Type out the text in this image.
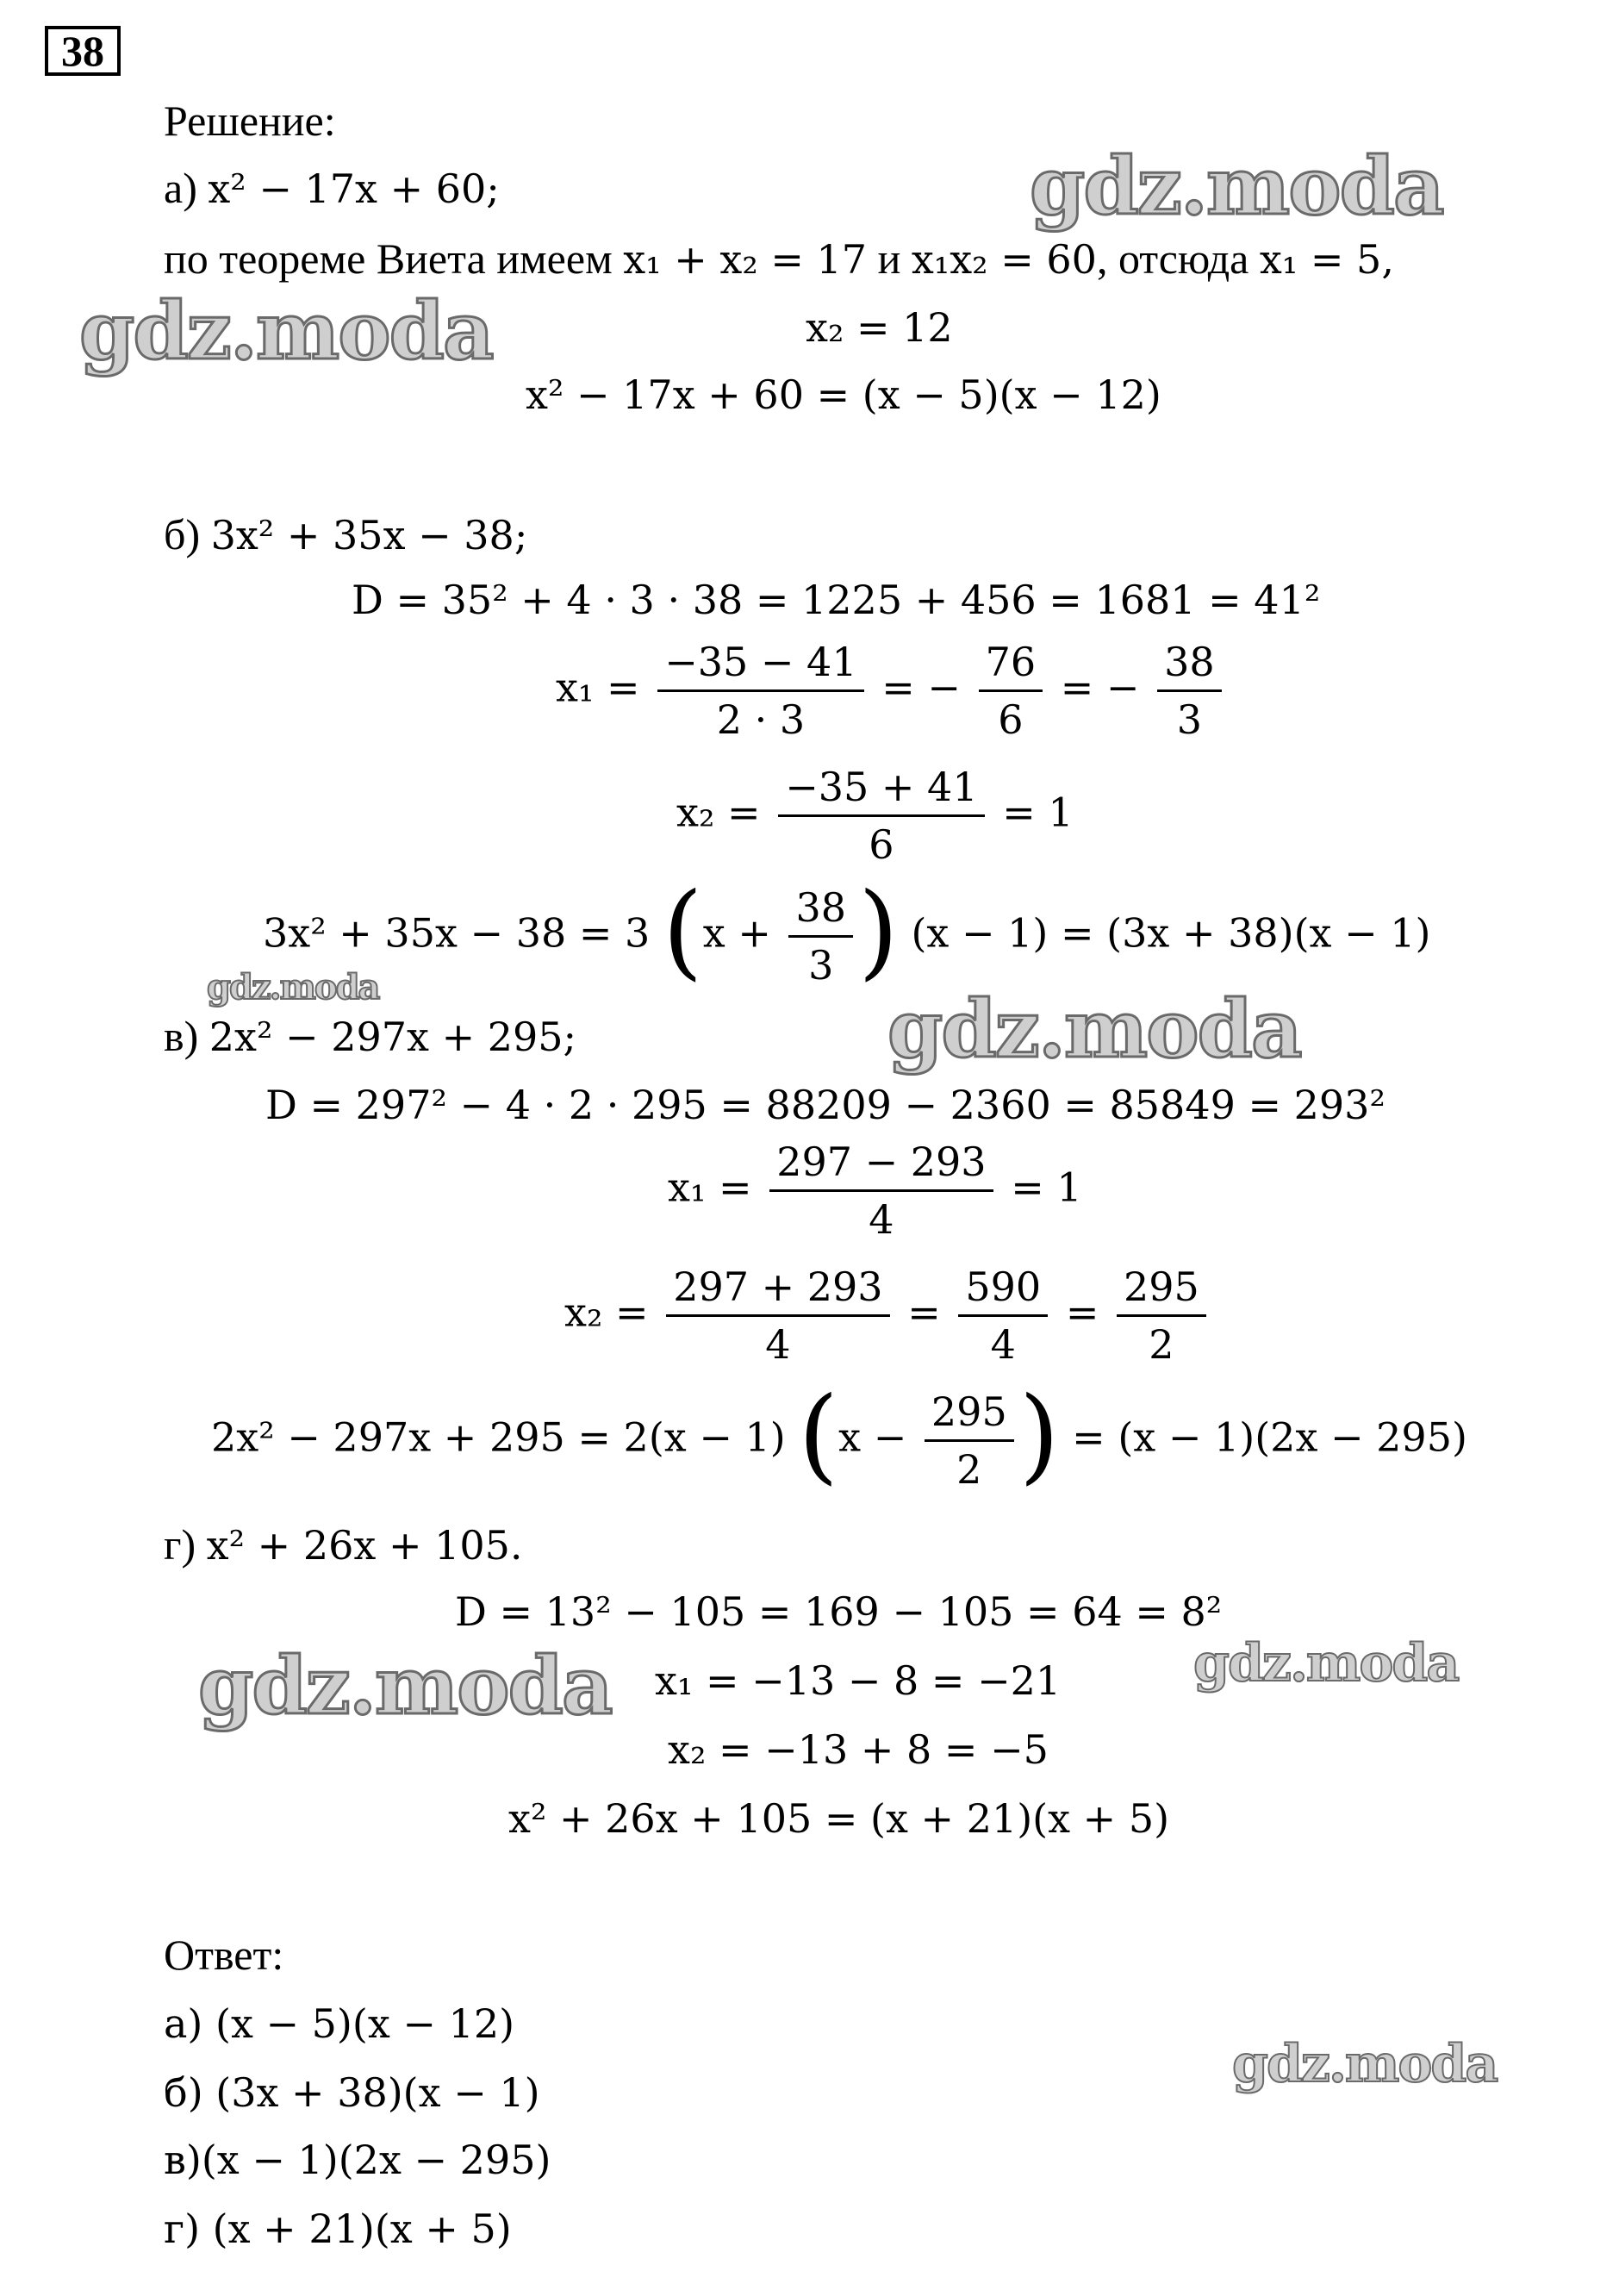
38
Решение:
а) x² − 17x + 60;
по теореме Виета имеем x₁ + x₂ = 17 и x₁x₂ = 60, отсюда x₁ = 5,
x₂ = 12
x² − 17x + 60 = (x − 5)(x − 12)
б) 3x² + 35x − 38;
D = 35² + 4 · 3 · 38 = 1225 + 456 = 1681 = 41²
$x_1 = \frac{-35 - 41}{2 \cdot 3}$ = − $\frac{76}{6}$ = − $\frac{38}{3}$
$x_2 = \frac{-35 + 41}{6} = 1$
3x² + 35x − 38 = 3 ($x + \frac{38}{3}$ ) (x − 1) = (3x + 38)(x − 1)
в) 2x² − 297x + 295;
D = 297² − 4 · 2 · 295 = 88209 − 2360 = 85849 = 293²
$x_1 = \frac{297 - 293}{4} = 1$
$x_2 = \frac{297 + 293}{4} = \frac{590}{4} = \frac{295}{2}$
2x² − 297x + 295 = 2(x − 1) ($x - \frac{295}{2}$ ) = (x − 1)(2x − 295)
г) x² + 26x + 105.
D = 13² − 105 = 169 − 105 = 64 = 8²
x₁ = −13 − 8 = −21
x₂ = −13 + 8 = −5
x² + 26x + 105 = (x + 21)(x + 5)
Ответ:
а) (x − 5)(x − 12)
б) (3x + 38)(x − 1)
в)(x − 1)(2x − 295)
г) (x + 21)(x + 5)
gdz.moda
gdz.moda
gdz.moda	gdz.moda
gdz.moda	gdz.moda
gdz.moda
